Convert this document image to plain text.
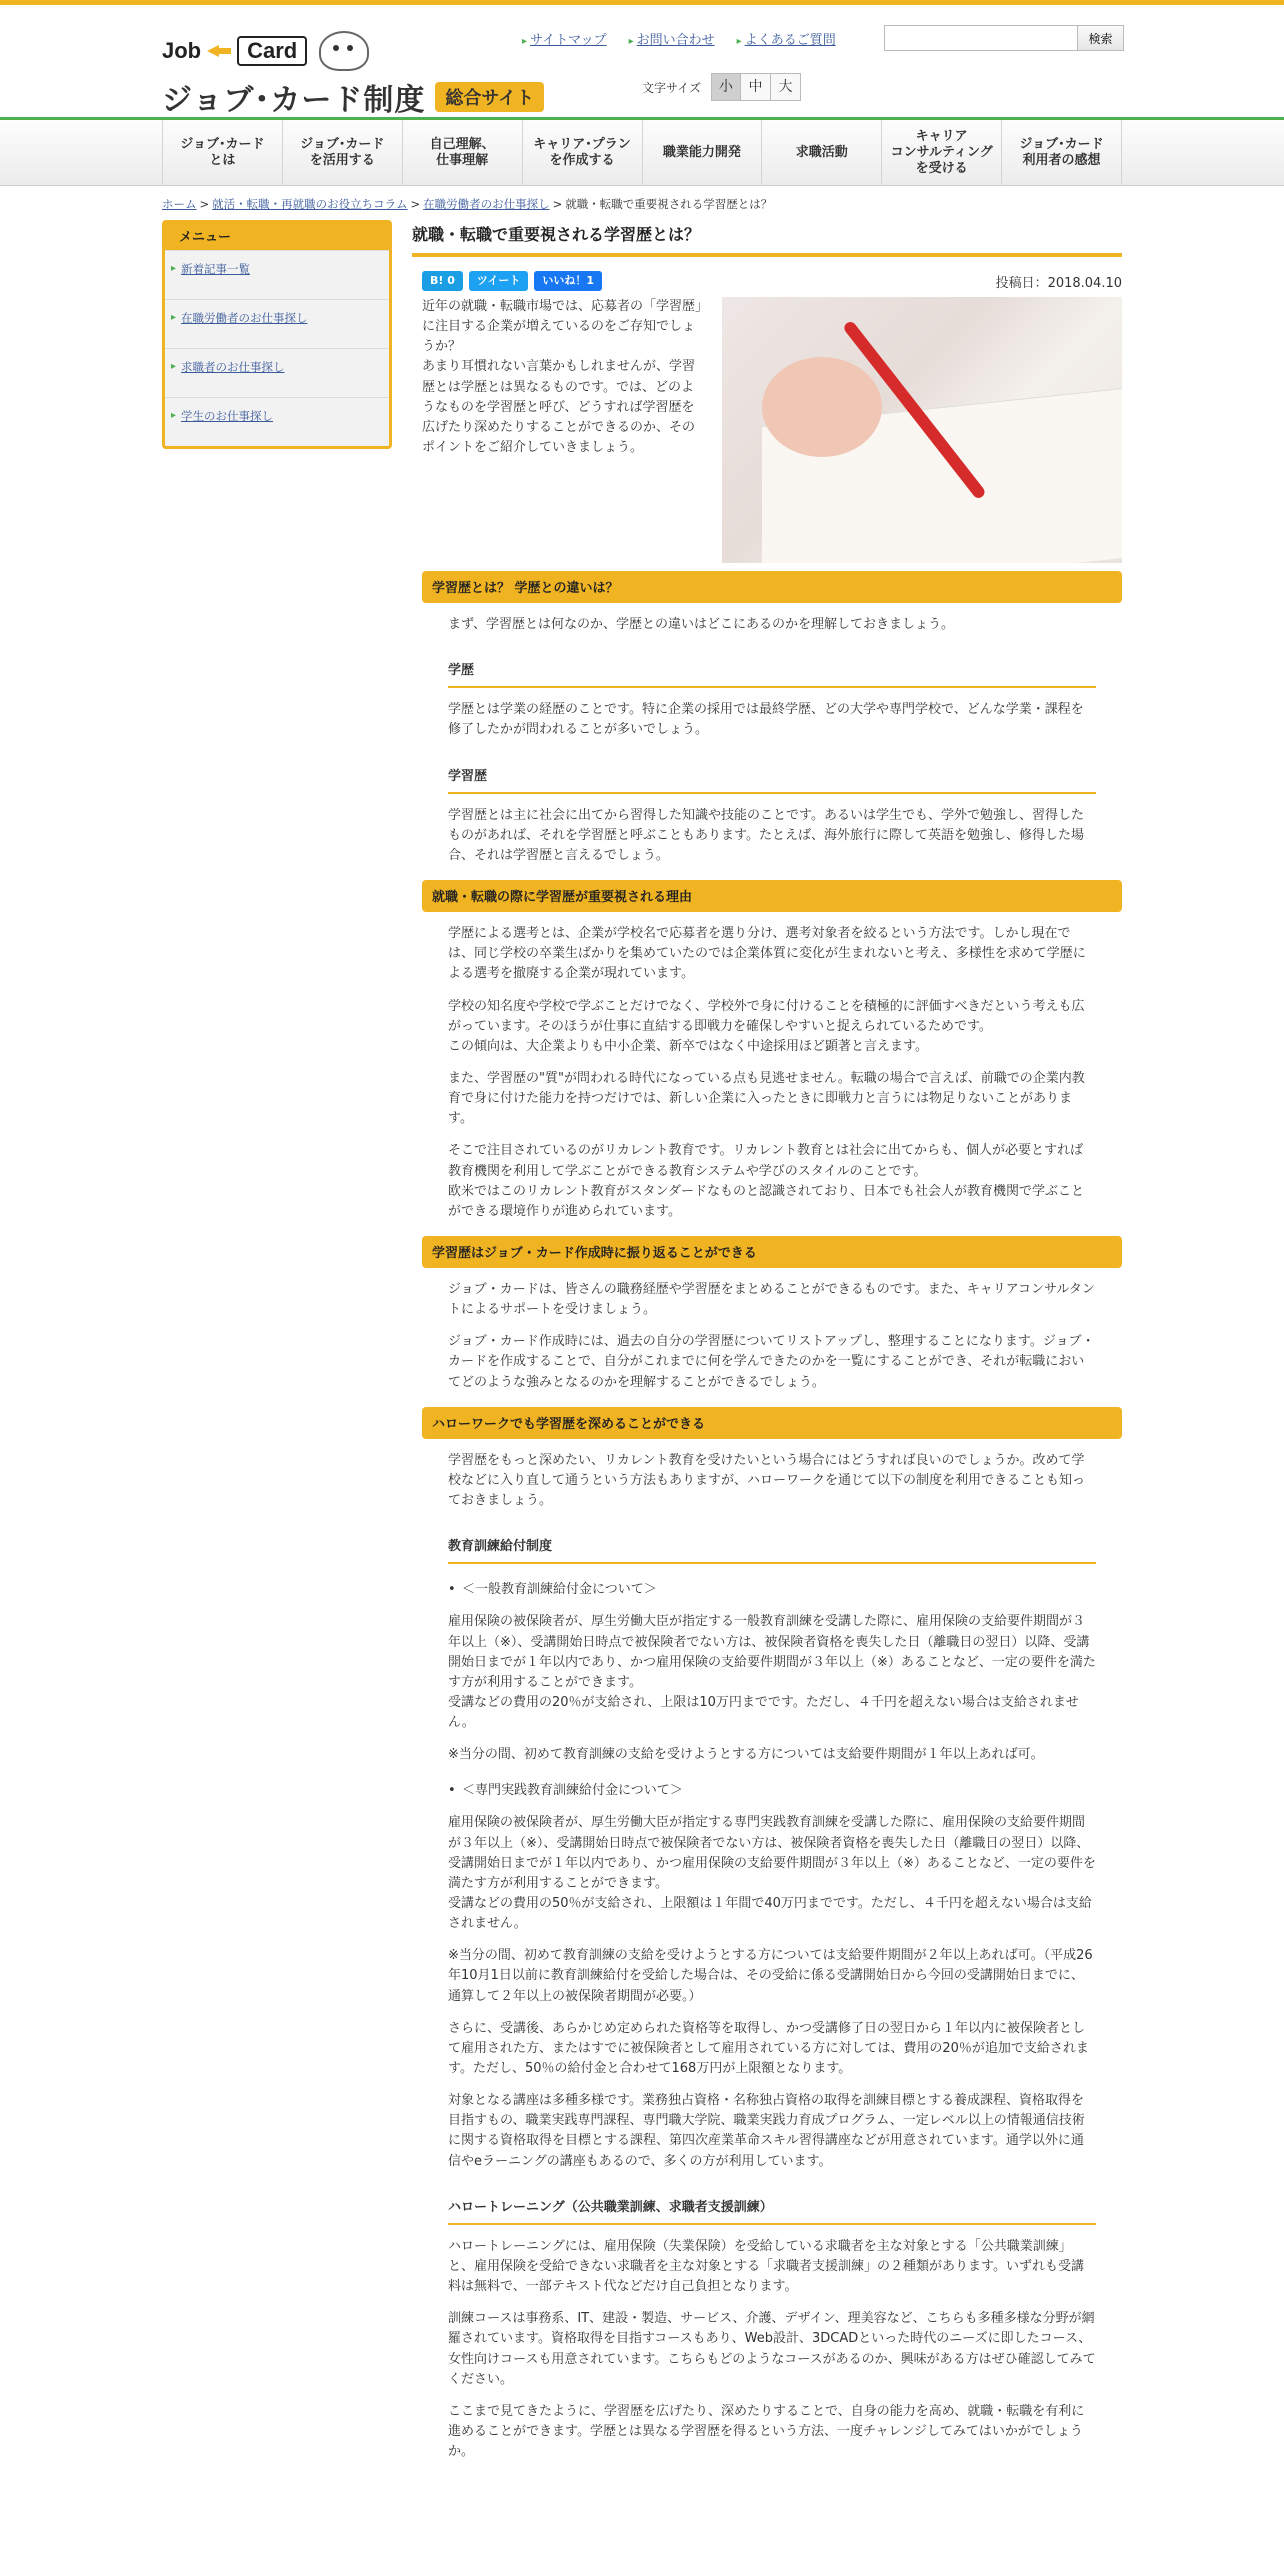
Job	Card
ジョブ･カード制度	総合サイト
▸ サイトマップ	▸ お問い合わせ	▸ よくあるご質問	検索
文字サイズ	小	中	大
ジョブ･カード
とは
ジョブ･カード
を活用する
自己理解、
仕事理解
キャリア･プラン
を作成する
職業能力開発	求職活動
キャリア
コンサルティング
を受ける
ジョブ･カード
利用者の感想
ホーム > 就活・転職・再就職のお役立ちコラム > 在職労働者のお仕事探し > 就職・転職で重要視される学習歴とは？
メニュー
▸ 新着記事一覧
▸ 在職労働者のお仕事探し
▸ 求職者のお仕事探し
▸ 学生のお仕事探し
就職・転職で重要視される学習歴とは？
B! 0	ツイート	いいね！1	投稿日：2018.04.10
近年の就職・転職市場では、応募者の「学習歴」に注目する企業が増えているのをご存知でしょうか？
あまり耳慣れない言葉かもしれませんが、学習歴とは学歴とは異なるものです。では、どのようなものを学習歴と呼び、どうすれば学習歴を広げたり深めたりすることができるのか、そのポイントをご紹介していきましょう。
学習歴とは？ 学歴との違いは？

まず、学習歴とは何なのか、学歴との違いはどこにあるのかを理解しておきましょう。

学歴

学歴とは学業の経歴のことです。特に企業の採用では最終学歴、どの大学や専門学校で、どんな学業・課程を修了したかが問われることが多いでしょう。

学習歴

学習歴とは主に社会に出てから習得した知識や技能のことです。あるいは学生でも、学外で勉強し、習得したものがあれば、それを学習歴と呼ぶこともあります。たとえば、海外旅行に際して英語を勉強し、修得した場合、それは学習歴と言えるでしょう。

就職・転職の際に学習歴が重要視される理由

学歴による選考とは、企業が学校名で応募者を選り分け、選考対象者を絞るという方法です。しかし現在では、同じ学校の卒業生ばかりを集めていたのでは企業体質に変化が生まれないと考え、多様性を求めて学歴による選考を撤廃する企業が現れています。

学校の知名度や学校で学ぶことだけでなく、学校外で身に付けることを積極的に評価すべきだという考えも広がっています。そのほうが仕事に直結する即戦力を確保しやすいと捉えられているためです。
この傾向は、大企業よりも中小企業、新卒ではなく中途採用ほど顕著と言えます。

また、学習歴の"質"が問われる時代になっている点も見逃せません。転職の場合で言えば、前職での企業内教育で身に付けた能力を持つだけでは、新しい企業に入ったときに即戦力と言うには物足りないことがあります。

そこで注目されているのがリカレント教育です。リカレント教育とは社会に出てからも、個人が必要とすれば教育機関を利用して学ぶことができる教育システムや学びのスタイルのことです。
欧米ではこのリカレント教育がスタンダードなものと認識されており、日本でも社会人が教育機関で学ぶことができる環境作りが進められています。

学習歴はジョブ・カード作成時に振り返ることができる

ジョブ・カードは、皆さんの職務経歴や学習歴をまとめることができるものです。また、キャリアコンサルタントによるサポートを受けましょう。

ジョブ・カード作成時には、過去の自分の学習歴についてリストアップし、整理することになります。ジョブ・カードを作成することで、自分がこれまでに何を学んできたのかを一覧にすることができ、それが転職においてどのような強みとなるのかを理解することができるでしょう。

ハローワークでも学習歴を深めることができる

学習歴をもっと深めたい、リカレント教育を受けたいという場合にはどうすれば良いのでしょうか。改めて学校などに入り直して通うという方法もありますが、ハローワークを通じて以下の制度を利用できることも知っておきましょう。

教育訓練給付制度
• ＜一般教育訓練給付金について＞

雇用保険の被保険者が、厚生労働大臣が指定する一般教育訓練を受講した際に、雇用保険の支給要件期間が３年以上（※）、受講開始日時点で被保険者でない方は、被保険者資格を喪失した日（離職日の翌日）以降、受講開始日までが１年以内であり、かつ雇用保険の支給要件期間が３年以上（※）あることなど、一定の要件を満たす方が利用することができます。
受講などの費用の20％が支給され、上限は10万円までです。ただし、４千円を超えない場合は支給されません。

※当分の間、初めて教育訓練の支給を受けようとする方については支給要件期間が１年以上あれば可。

• ＜専門実践教育訓練給付金について＞

雇用保険の被保険者が、厚生労働大臣が指定する専門実践教育訓練を受講した際に、雇用保険の支給要件期間が３年以上（※）、受講開始日時点で被保険者でない方は、被保険者資格を喪失した日（離職日の翌日）以降、受講開始日までが１年以内であり、かつ雇用保険の支給要件期間が３年以上（※）あることなど、一定の要件を満たす方が利用することができます。
受講などの費用の50％が支給され、上限額は１年間で40万円までです。ただし、４千円を超えない場合は支給されません。

※当分の間、初めて教育訓練の支給を受けようとする方については支給要件期間が２年以上あれば可。（平成26年10月1日以前に教育訓練給付を受給した場合は、その受給に係る受講開始日から今回の受講開始日までに、通算して２年以上の被保険者期間が必要。）

さらに、受講後、あらかじめ定められた資格等を取得し、かつ受講修了日の翌日から１年以内に被保険者として雇用された方、またはすでに被保険者として雇用されている方に対しては、費用の20％が追加で支給されます。ただし、50％の給付金と合わせて168万円が上限額となります。

対象となる講座は多種多様です。業務独占資格・名称独占資格の取得を訓練目標とする養成課程、資格取得を目指すもの、職業実践専門課程、専門職大学院、職業実践力育成プログラム、一定レベル以上の情報通信技術に関する資格取得を目標とする課程、第四次産業革命スキル習得講座などが用意されています。通学以外に通信やeラーニングの講座もあるので、多くの方が利用しています。

ハロートレーニング（公共職業訓練、求職者支援訓練）

ハロートレーニングには、雇用保険（失業保険）を受給している求職者を主な対象とする「公共職業訓練」と、雇用保険を受給できない求職者を主な対象とする「求職者支援訓練」の２種類があります。いずれも受講料は無料で、一部テキスト代などだけ自己負担となります。

訓練コースは事務系、IT、建設・製造、サービス、介護、デザイン、理美容など、こちらも多種多様な分野が網羅されています。資格取得を目指すコースもあり、Web設計、3DCADといった時代のニーズに即したコース、女性向けコースも用意されています。こちらもどのようなコースがあるのか、興味がある方はぜひ確認してみてください。

ここまで見てきたように、学習歴を広げたり、深めたりすることで、自身の能力を高め、就職・転職を有利に進めることができます。学歴とは異なる学習歴を得るという方法、一度チャレンジしてみてはいかがでしょうか。
